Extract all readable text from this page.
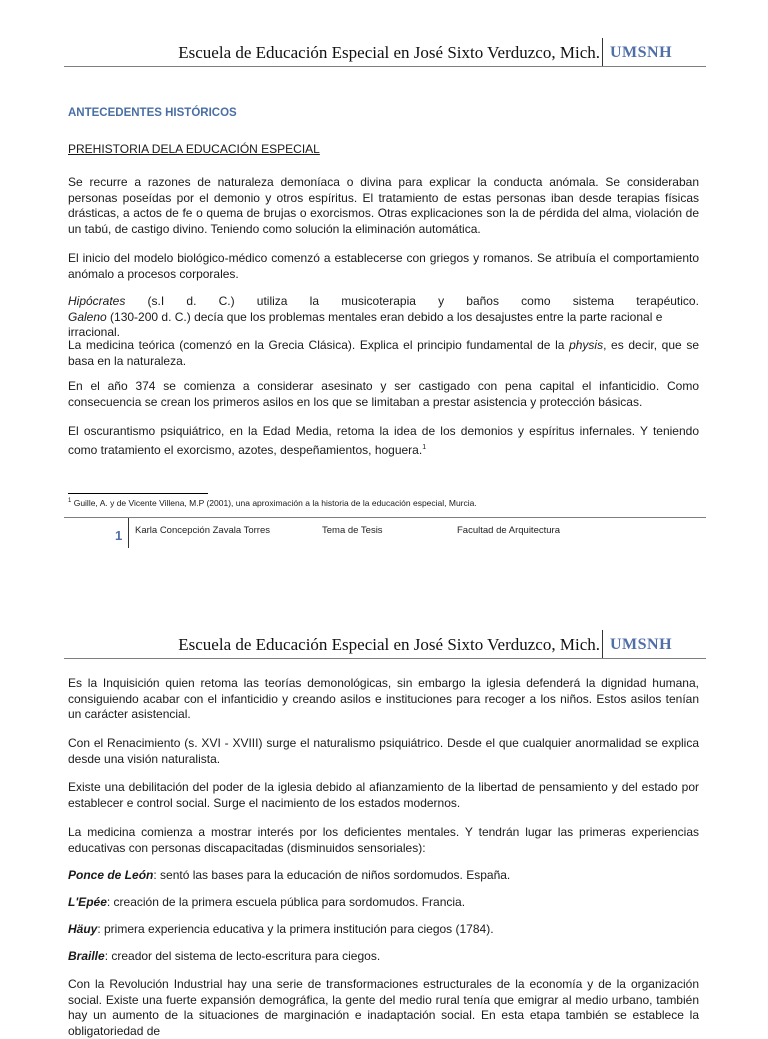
Escuela de Educación Especial en José Sixto Verduzco, Mich. UMSNH
ANTECEDENTES HISTÓRICOS
PREHISTORIA DELA EDUCACIÓN ESPECIAL
Se recurre a razones de naturaleza demoníaca o divina para explicar la conducta anómala. Se consideraban personas poseídas por el demonio y otros espíritus. El tratamiento de estas personas iban desde terapias físicas drásticas, a actos de fe o quema de brujas o exorcismos. Otras explicaciones son la de pérdida del alma, violación de un tabú, de castigo divino. Teniendo como solución la eliminación automática.
El inicio del modelo biológico-médico comenzó a establecerse con griegos y romanos. Se atribuía el comportamiento anómalo a procesos corporales.
Hipócrates (s.I d. C.) utiliza la musicoterapia y baños como sistema terapéutico.
Galeno (130-200 d. C.) decía que los problemas mentales eran debido a los desajustes entre la parte racional e irracional.
La medicina teórica (comenzó en la Grecia Clásica). Explica el principio fundamental de la physis, es decir, que se basa en la naturaleza.
En el año 374 se comienza a considerar asesinato y ser castigado con pena capital el infanticidio. Como consecuencia se crean los primeros asilos en los que se limitaban a prestar asistencia y protección básicas.
El oscurantismo psiquiátrico, en la Edad Media, retoma la idea de los demonios y espíritus infernales. Y teniendo como tratamiento el exorcismo, azotes, despeñamientos, hoguera.$^1$
$^1$ Guille, A. y de Vicente Villena, M.P (2001), una aproximación a la historia de la educación especial, Murcia.
1 Karla Concepción Zavala Torres	Tema de Tesis	Facultad de Arquitectura
Escuela de Educación Especial en José Sixto Verduzco, Mich. UMSNH
Es la Inquisición quien retoma las teorías demonológicas, sin embargo la iglesia defenderá la dignidad humana, consiguiendo acabar con el infanticidio y creando asilos e instituciones para recoger a los niños. Estos asilos tenían un carácter asistencial.
Con el Renacimiento (s. XVI - XVIII) surge el naturalismo psiquiátrico. Desde el que cualquier anormalidad se explica desde una visión naturalista.
Existe una debilitación del poder de la iglesia debido al afianzamiento de la libertad de pensamiento y del estado por establecer e control social. Surge el nacimiento de los estados modernos.
La medicina comienza a mostrar interés por los deficientes mentales. Y tendrán lugar las primeras experiencias educativas con personas discapacitadas (disminuidos sensoriales):
Ponce de León: sentó las bases para la educación de niños sordomudos. España.
L'Epée: creación de la primera escuela pública para sordomudos. Francia.
Häuy: primera experiencia educativa y la primera institución para ciegos (1784).
Braille: creador del sistema de lecto-escritura para ciegos.
Con la Revolución Industrial hay una serie de transformaciones estructurales de la economía y de la organización social. Existe una fuerte expansión demográfica, la gente del medio rural tenía que emigrar al medio urbano, también hay un aumento de la situaciones de marginación e inadaptación social. En esta etapa también se establece la obligatoriedad de
